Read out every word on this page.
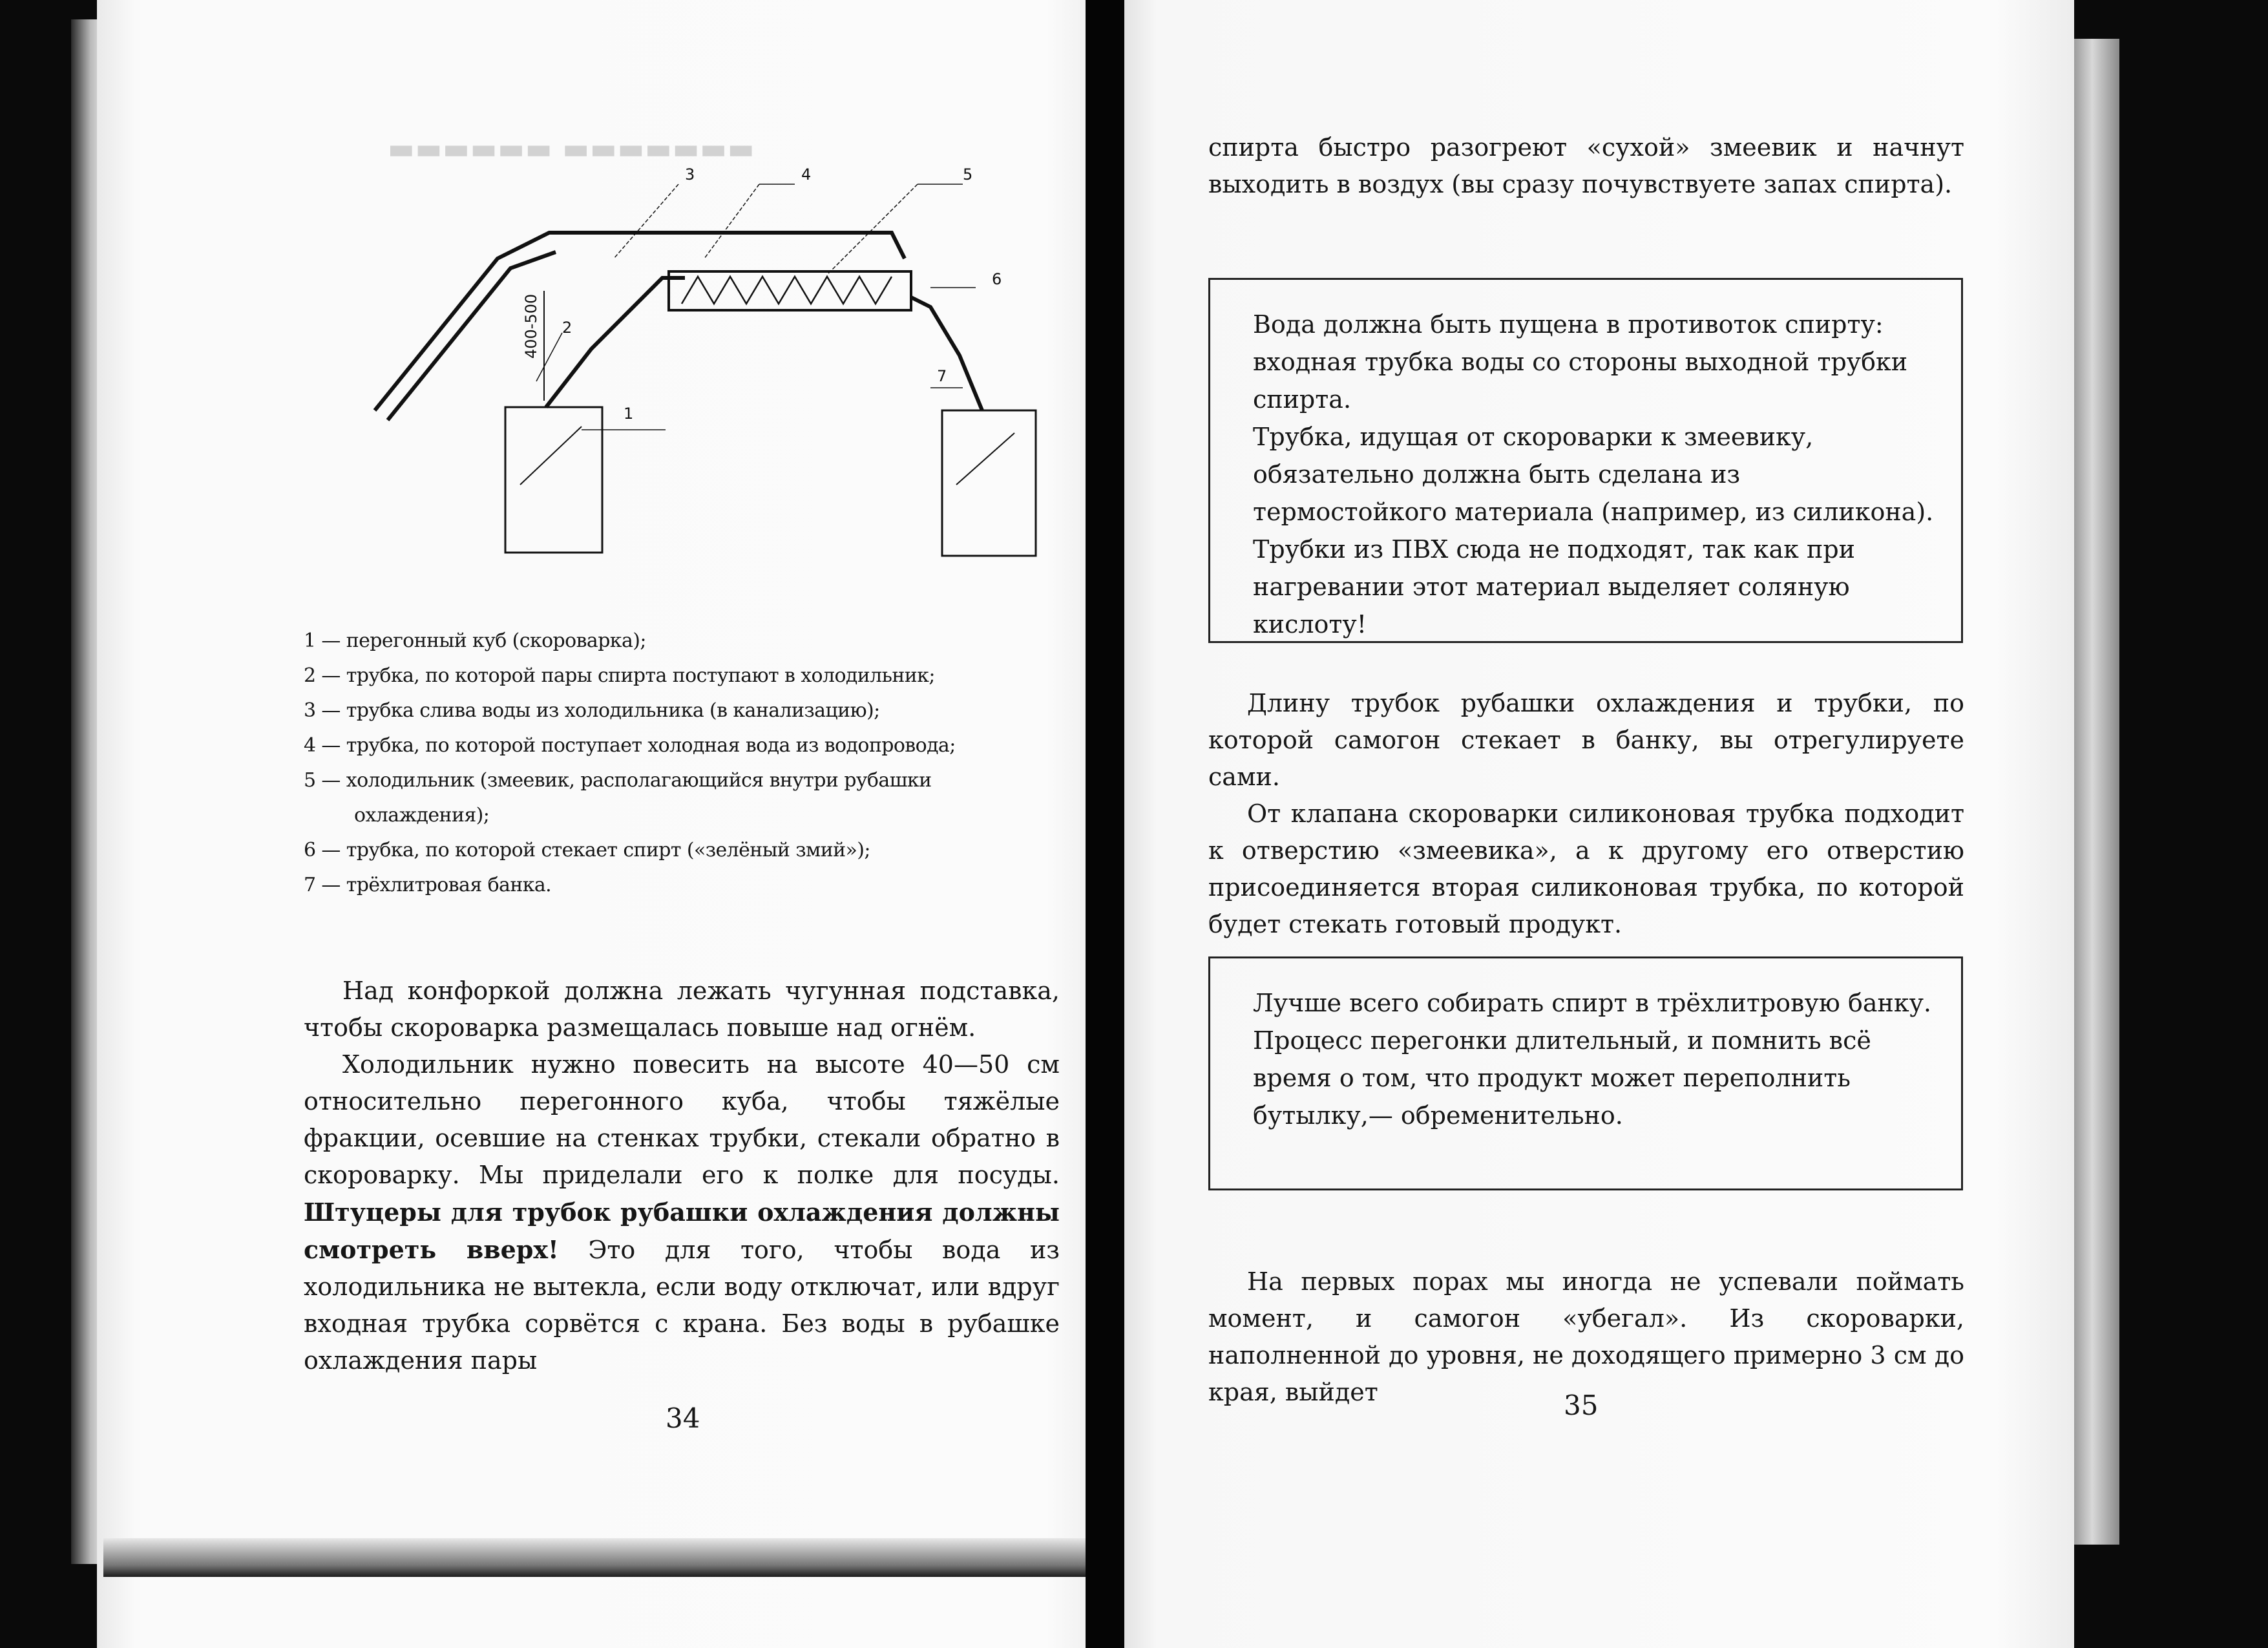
▬▬▬▬▬▬ ▬▬▬▬▬▬▬
400-500
1
2
3	4	5
6
7
1 — перегонный куб (скороварка);
2 — трубка, по которой пары спирта поступают в холодильник;
3 — трубка слива воды из холодильника (в канализацию);
4 — трубка, по которой поступает холодная вода из водопровода;
5 — холодильник (змеевик, располагающийся внутри рубашки
охлаждения);
6 — трубка, по которой стекает спирт («зелёный змий»);
7 — трёхлитровая банка.

Над конфоркой должна лежать чугунная подставка, чтобы скороварка размещалась повыше над огнём.

Холодильник нужно повесить на высоте 40—50 см относительно перегонного куба, чтобы тяжёлые фракции, осевшие на стенках трубки, стекали обратно в скороварку. Мы приделали его к полке для посуды. Штуцеры для трубок рубашки охлаждения должны смотреть вверх! Это для того, чтобы вода из холодильника не вытекла, если воду отключат, или вдруг входная трубка сорвётся с крана. Без воды в рубашке охлаждения пары

34

спирта быстро разогреют «сухой» змеевик и начнут выходить в воздух (вы сразу почувствуете запах спирта).

Вода должна быть пущена в противоток спирту: входная трубка воды со стороны выходной трубки спирта.

Трубка, идущая от скороварки к змеевику, обязательно должна быть сделана из термостойкого материала (например, из силикона). Трубки из ПВХ сюда не подходят, так как при нагревании этот материал выделяет соляную кислоту!

Длину трубок рубашки охлаждения и трубки, по которой самогон стекает в банку, вы отрегулируете сами.

От клапана скороварки силиконовая трубка подходит к отверстию «змеевика», а к другому его отверстию присоединяется вторая силиконовая трубка, по которой будет стекать готовый продукт.

Лучше всего собирать спирт в трёхлитровую банку. Процесс перегонки длительный, и помнить всё время о том, что продукт может переполнить бутылку,— обременительно.

На первых порах мы иногда не успевали поймать момент, и самогон «убегал». Из скороварки, наполненной до уровня, не доходящего примерно 3 см до края, выйдет	35
